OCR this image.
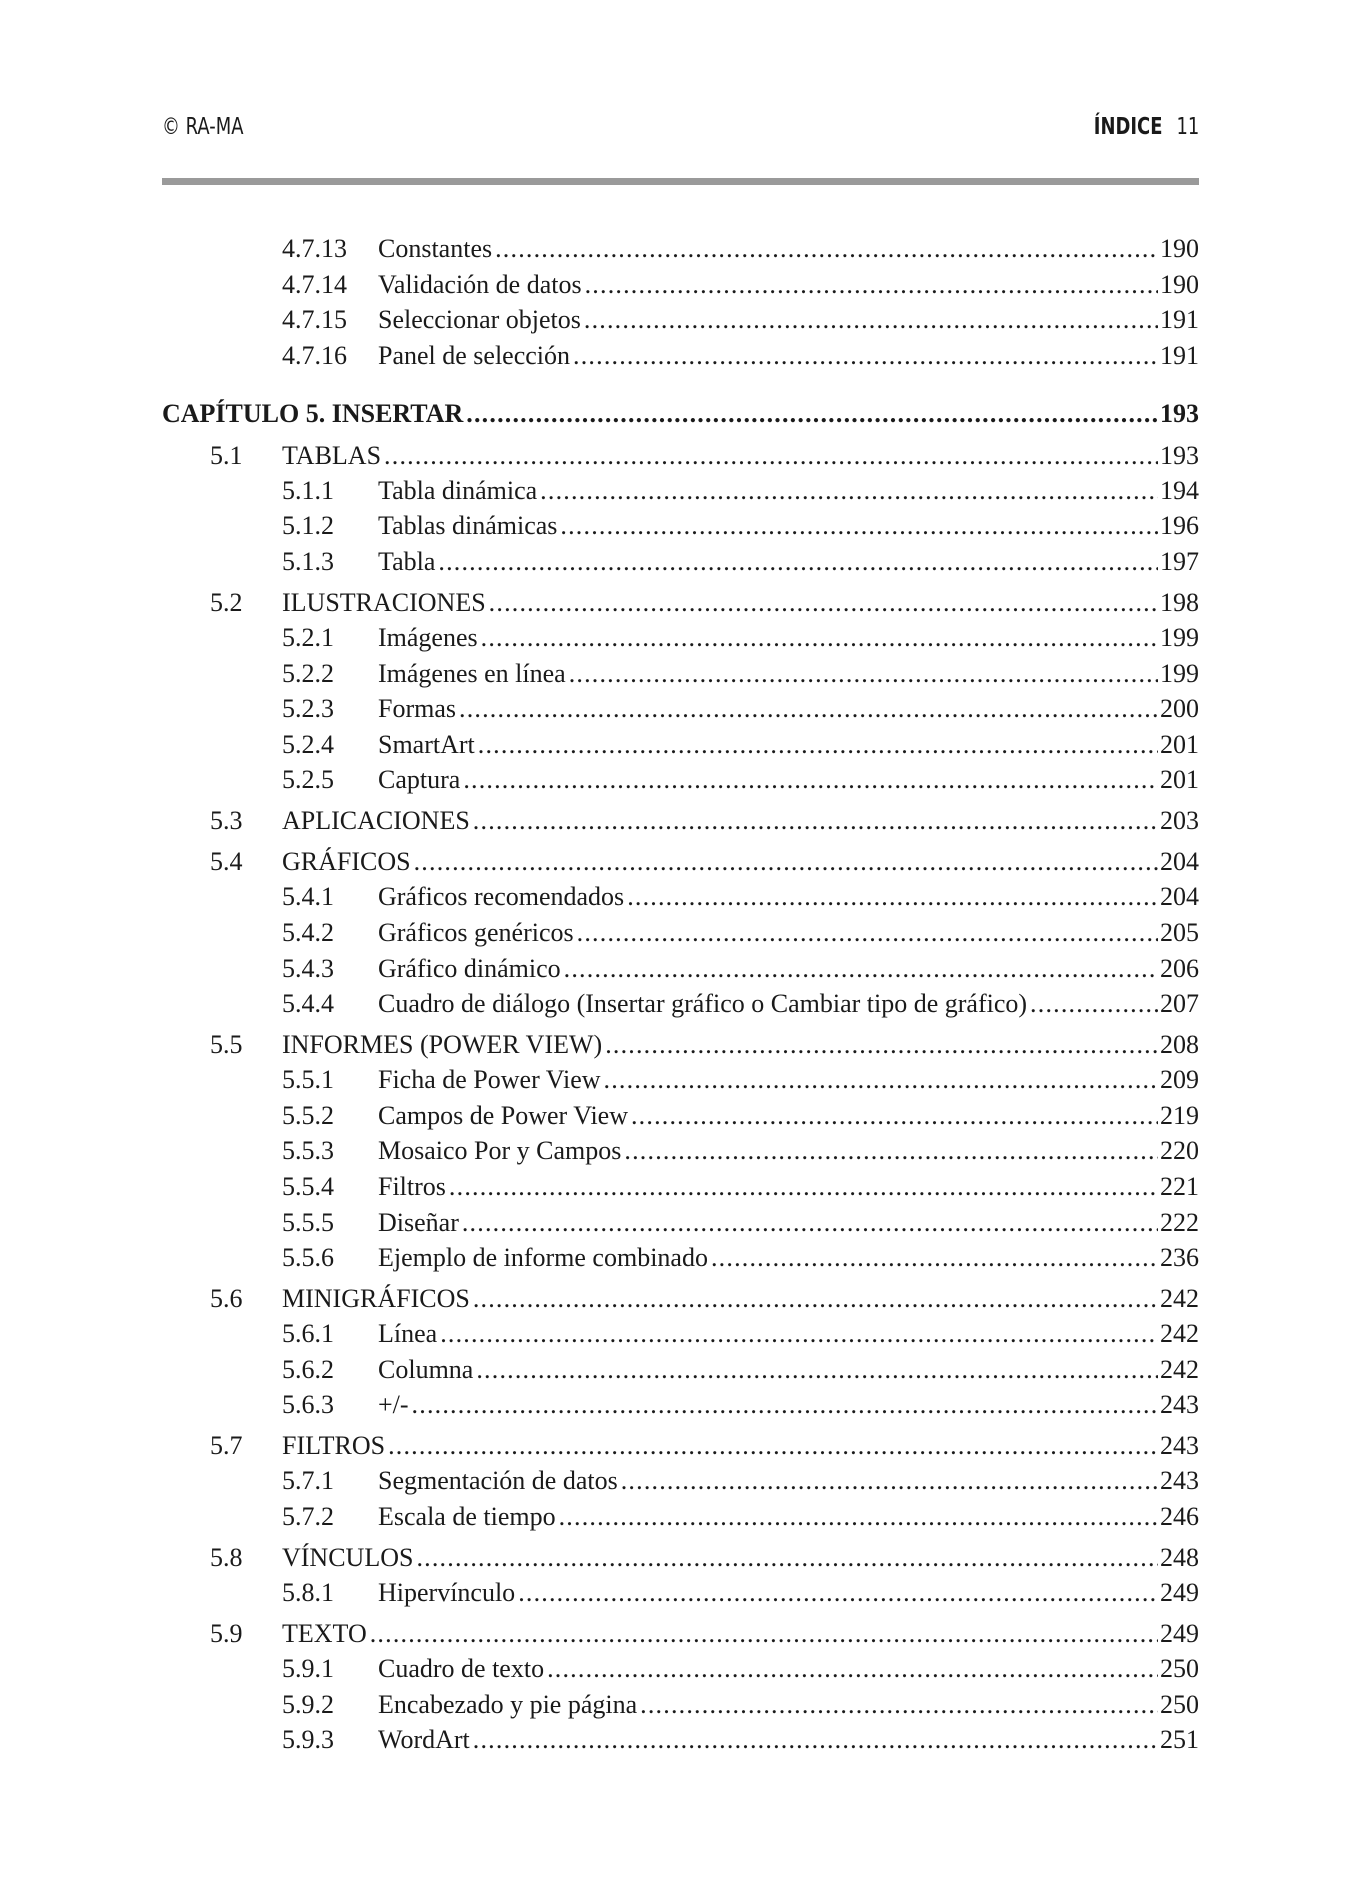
© RA-MA	ÍNDICE 11
4.7.13 Constantes .....	190
4.7.14 Validación de datos .....	190
4.7.15 Seleccionar objetos .....	191
4.7.16 Panel de selección .....	191
CAPÍTULO 5. INSERTAR .....	193
5.1 TABLAS .....	193
5.1.1 Tabla dinámica .....	194
5.1.2 Tablas dinámicas .....	196
5.1.3 Tabla .....	197
5.2 ILUSTRACIONES .....	198
5.2.1 Imágenes .....	199
5.2.2 Imágenes en línea .....	199
5.2.3 Formas .....	200
5.2.4 SmartArt .....	201
5.2.5 Captura .....	201
5.3 APLICACIONES .....	203
5.4 GRÁFICOS .....	204
5.4.1 Gráficos recomendados .....	204
5.4.2 Gráficos genéricos .....	205
5.4.3 Gráfico dinámico .....	206
5.4.4 Cuadro de diálogo (Insertar gráfico o Cambiar tipo de gráfico) .....	207
5.5 INFORMES (POWER VIEW) .....	208
5.5.1 Ficha de Power View .....	209
5.5.2 Campos de Power View .....	219
5.5.3 Mosaico Por y Campos .....	220
5.5.4 Filtros .....	221
5.5.5 Diseñar .....	222
5.5.6 Ejemplo de informe combinado .....	236
5.6 MINIGRÁFICOS .....	242
5.6.1 Línea .....	242
5.6.2 Columna .....	242
5.6.3 +/- .....	243
5.7 FILTROS .....	243
5.7.1 Segmentación de datos .....	243
5.7.2 Escala de tiempo .....	246
5.8 VÍNCULOS .....	248
5.8.1 Hipervínculo .....	249
5.9 TEXTO .....	249
5.9.1 Cuadro de texto .....	250
5.9.2 Encabezado y pie página .....	250
5.9.3 WordArt .....	251
